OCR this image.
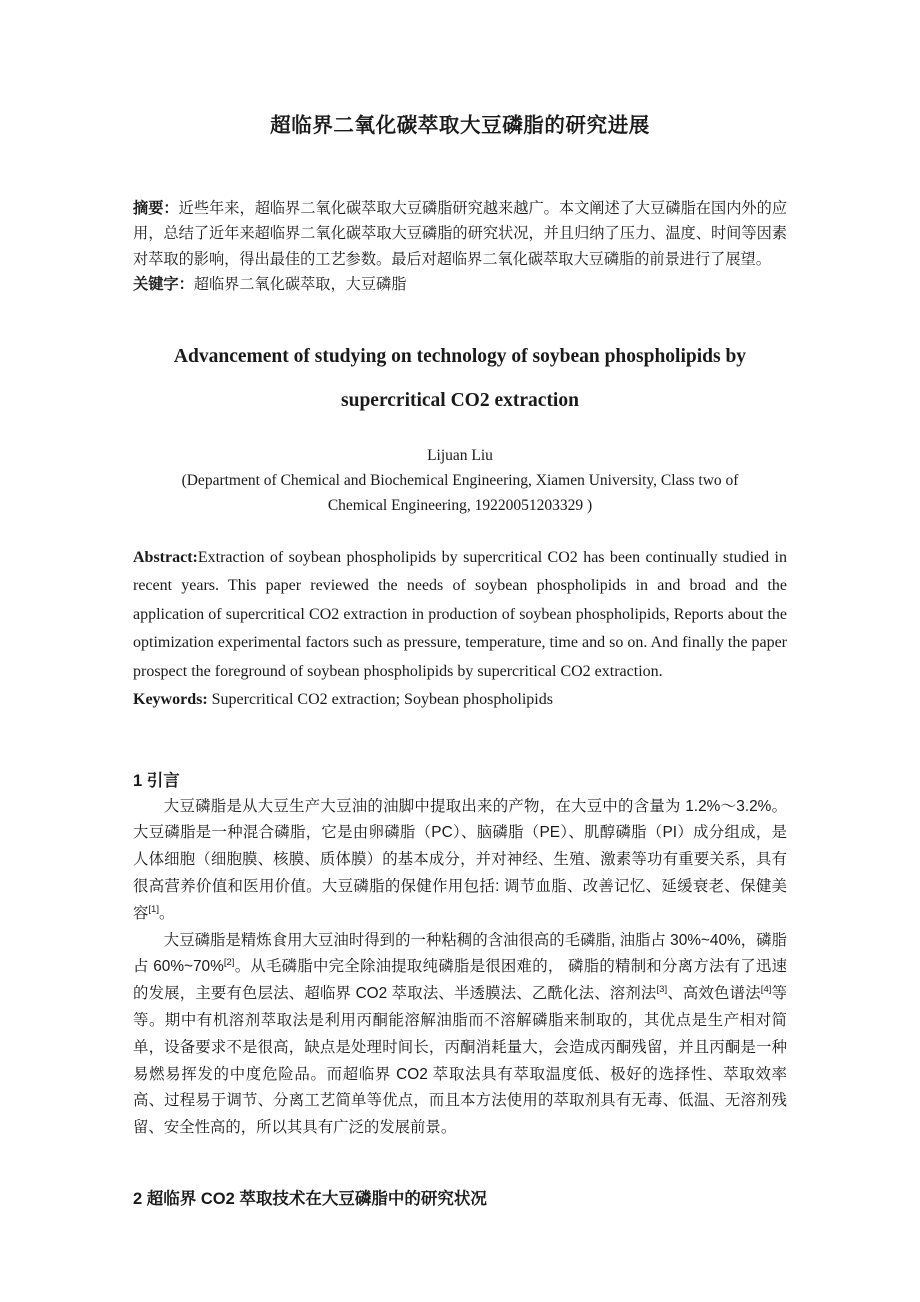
超临界二氧化碳萃取大豆磷脂的研究进展

摘要：近些年来，超临界二氧化碳萃取大豆磷脂研究越来越广。本文阐述了大豆磷脂在国内外的应用，总结了近年来超临界二氧化碳萃取大豆磷脂的研究状况，并且归纳了压力、温度、时间等因素对萃取的影响，得出最佳的工艺参数。最后对超临界二氧化碳萃取大豆磷脂的前景进行了展望。

关键字：超临界二氧化碳萃取，大豆磷脂

Advancement of studying on technology of soybean phospholipids by

supercritical CO2 extraction

Lijuan Liu

(Department of Chemical and Biochemical Engineering, Xiamen University, Class two of

Chemical Engineering, 19220051203329 )

Abstract:Extraction of soybean phospholipids by supercritical CO2 has been continually studied in recent years. This paper reviewed the needs of soybean phospholipids in and broad and the application of supercritical CO2 extraction in production of soybean phospholipids, Reports about the optimization experimental factors such as pressure, temperature, time and so on. And finally the paper prospect the foreground of soybean phospholipids by supercritical CO2 extraction.

Keywords: Supercritical CO2 extraction; Soybean phospholipids

1 引言

大豆磷脂是从大豆生产大豆油的油脚中提取出来的产物，在大豆中的含量为 1.2%～3.2%。大豆磷脂是一种混合磷脂，它是由卵磷脂（PC）、脑磷脂（PE）、肌醇磷脂（PI）成分组成，是人体细胞（细胞膜、核膜、质体膜）的基本成分，并对神经、生殖、激素等功有重要关系，具有很高营养价值和医用价值。大豆磷脂的保健作用包括: 调节血脂、改善记忆、延缓衰老、保健美容[1]。

大豆磷脂是精炼食用大豆油时得到的一种粘稠的含油很高的毛磷脂, 油脂占 30%~40%，磷脂占 60%~70%[2]。从毛磷脂中完全除油提取纯磷脂是很困难的， 磷脂的精制和分离方法有了迅速的发展，主要有色层法、超临界 CO2 萃取法、半透膜法、乙酰化法、溶剂法[3]、高效色谱法[4]等等。期中有机溶剂萃取法是利用丙酮能溶解油脂而不溶解磷脂来制取的，其优点是生产相对简单，设备要求不是很高，缺点是处理时间长，丙酮消耗量大，会造成丙酮残留，并且丙酮是一种易燃易挥发的中度危险品。而超临界 CO2 萃取法具有萃取温度低、极好的选择性、萃取效率高、过程易于调节、分离工艺简单等优点，而且本方法使用的萃取剂具有无毒、低温、无溶剂残留、安全性高的，所以其具有广泛的发展前景。

2 超临界 CO2 萃取技术在大豆磷脂中的研究状况
